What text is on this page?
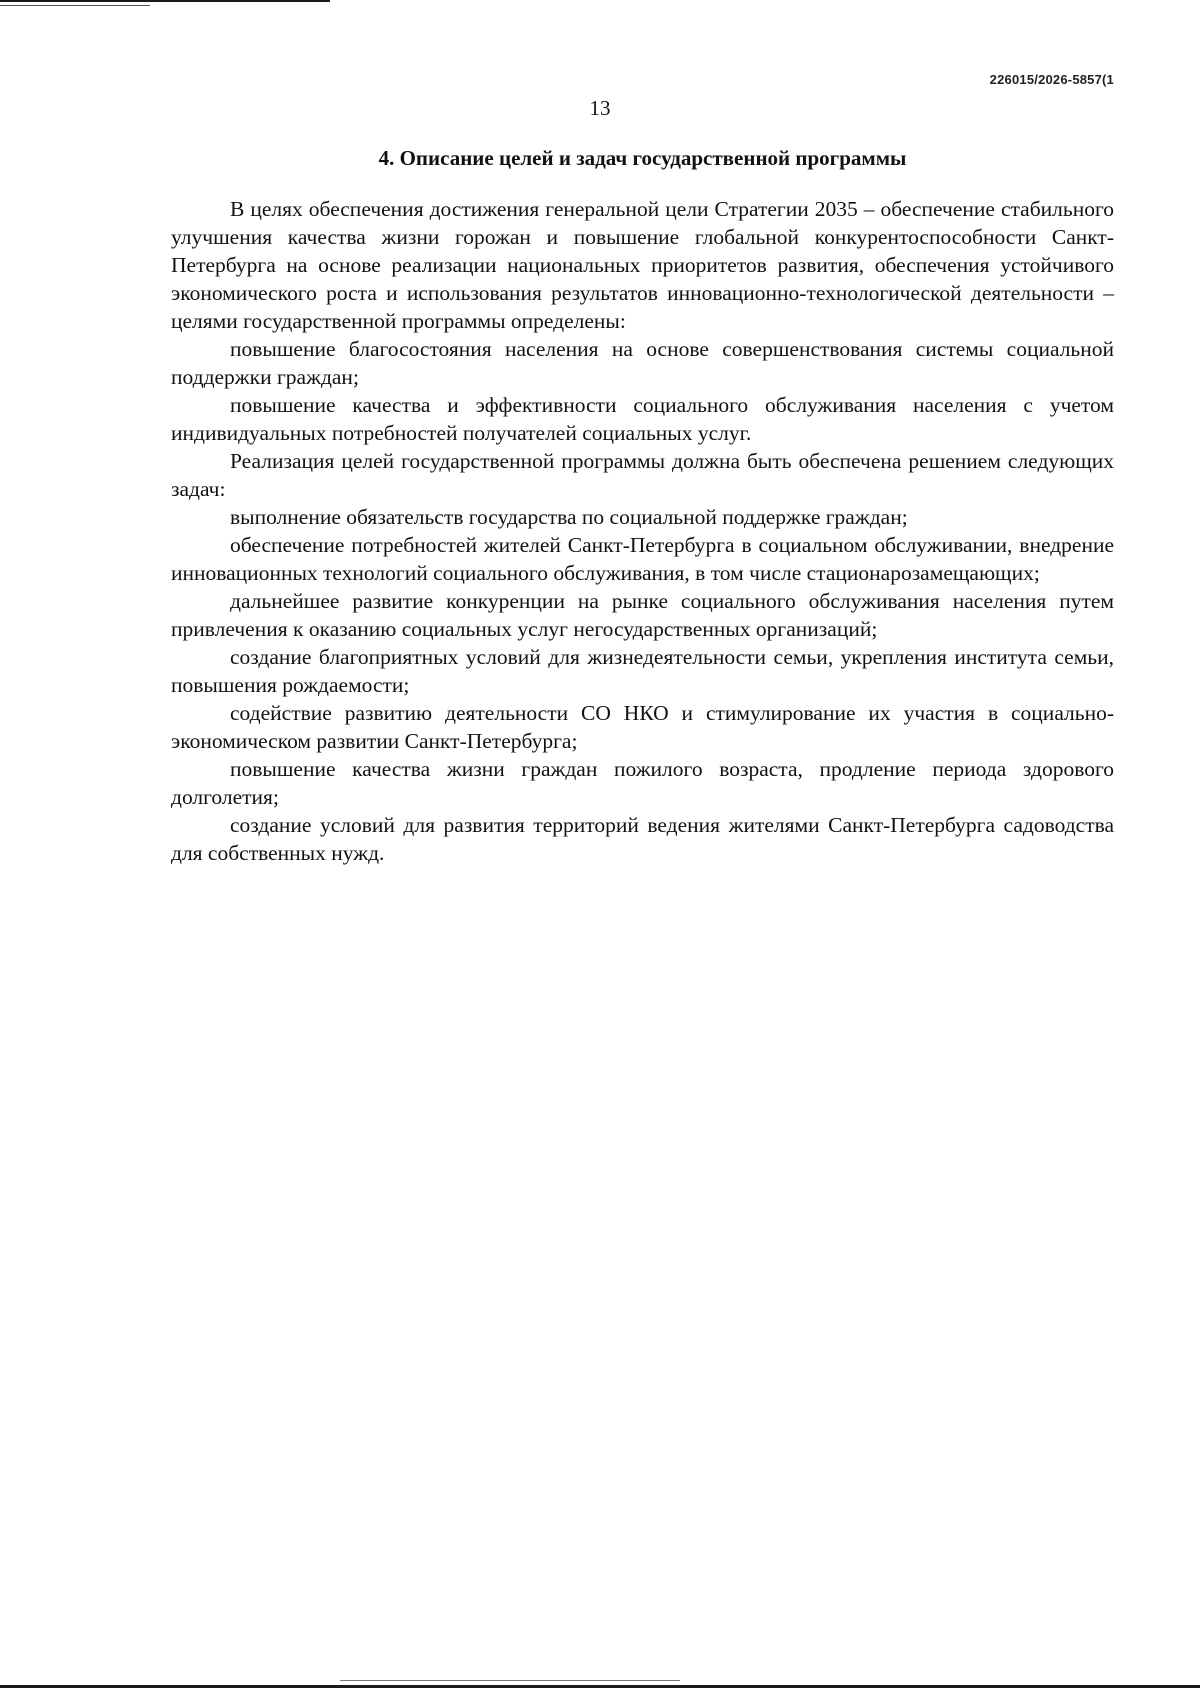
226015/2026-5857(1
13
4. Описание целей и задач государственной программы

В целях обеспечения достижения генеральной цели Стратегии 2035 – обеспечение стабильного улучшения качества жизни горожан и повышение глобальной конкурентоспособности Санкт-Петербурга на основе реализации национальных приоритетов развития, обеспечения устойчивого экономического роста и использования результатов инновационно-технологической деятельности – целями государственной программы определены:

повышение благосостояния населения на основе совершенствования системы социальной поддержки граждан;

повышение качества и эффективности социального обслуживания населения с учетом индивидуальных потребностей получателей социальных услуг.

Реализация целей государственной программы должна быть обеспечена решением следующих задач:

выполнение обязательств государства по социальной поддержке граждан;

обеспечение потребностей жителей Санкт-Петербурга в социальном обслуживании, внедрение инновационных технологий социального обслуживания, в том числе стационарозамещающих;

дальнейшее развитие конкуренции на рынке социального обслуживания населения путем привлечения к оказанию социальных услуг негосударственных организаций;

создание благоприятных условий для жизнедеятельности семьи, укрепления института семьи, повышения рождаемости;

содействие развитию деятельности СО НКО и стимулирование их участия в социально-экономическом развитии Санкт-Петербурга;

повышение качества жизни граждан пожилого возраста, продление периода здорового долголетия;

создание условий для развития территорий ведения жителями Санкт-Петербурга садоводства для собственных нужд.
